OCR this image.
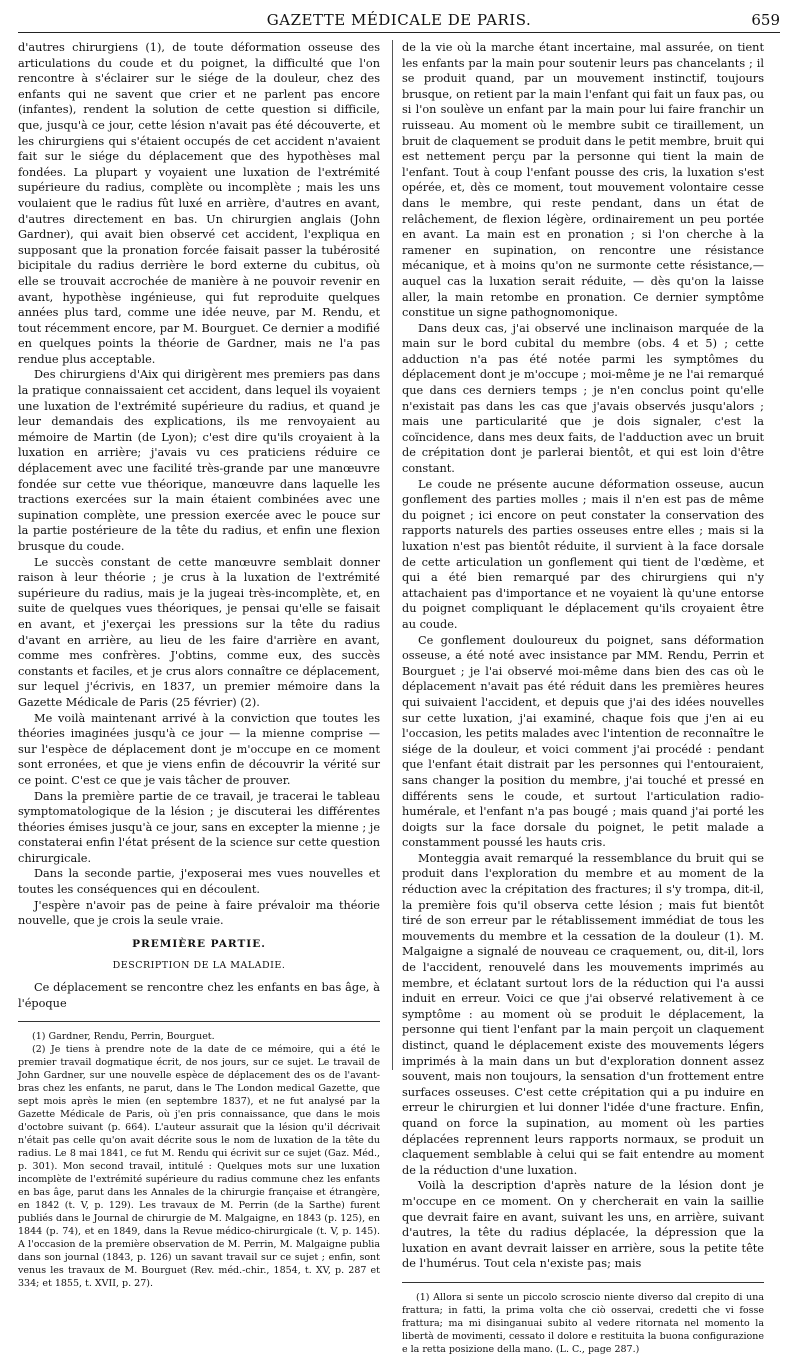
GAZETTE MÉDICALE DE PARIS.	659

d'autres chirurgiens (1), de toute déformation osseuse des articulations du coude et du poignet, la difficulté que l'on rencontre à s'éclairer sur le siége de la douleur, chez des enfants qui ne savent que crier et ne parlent pas encore (infantes), rendent la solution de cette question si difficile, que, jusqu'à ce jour, cette lésion n'avait pas été découverte, et les chirurgiens qui s'étaient occupés de cet accident n'avaient fait sur le siége du déplacement que des hypothèses mal fondées. La plupart y voyaient une luxation de l'extrémité supérieure du radius, complète ou incomplète ; mais les uns voulaient que le radius fût luxé en arrière, d'autres en avant, d'autres directement en bas. Un chirurgien anglais (John Gardner), qui avait bien observé cet accident, l'expliqua en supposant que la pronation forcée faisait passer la tubérosité bicipitale du radius derrière le bord externe du cubitus, où elle se trouvait accrochée de manière à ne pouvoir revenir en avant, hypothèse ingénieuse, qui fut reproduite quelques années plus tard, comme une idée neuve, par M. Rendu, et tout récemment encore, par M. Bourguet. Ce dernier a modifié en quelques points la théorie de Gardner, mais ne l'a pas rendue plus acceptable.

Des chirurgiens d'Aix qui dirigèrent mes premiers pas dans la pratique connaissaient cet accident, dans lequel ils voyaient une luxation de l'extrémité supérieure du radius, et quand je leur demandais des explications, ils me renvoyaient au mémoire de Martin (de Lyon); c'est dire qu'ils croyaient à la luxation en arrière; j'avais vu ces praticiens réduire ce déplacement avec une facilité très-grande par une manœuvre fondée sur cette vue théorique, manœuvre dans laquelle les tractions exercées sur la main étaient combinées avec une supination complète, une pression exercée avec le pouce sur la partie postérieure de la tête du radius, et enfin une flexion brusque du coude.

Le succès constant de cette manœuvre semblait donner raison à leur théorie ; je crus à la luxation de l'extrémité supérieure du radius, mais je la jugeai très-incomplète, et, en suite de quelques vues théoriques, je pensai qu'elle se faisait en avant, et j'exerçai les pressions sur la tête du radius d'avant en arrière, au lieu de les faire d'arrière en avant, comme mes confrères. J'obtins, comme eux, des succès constants et faciles, et je crus alors connaître ce déplacement, sur lequel j'écrivis, en 1837, un premier mémoire dans la Gazette Médicale de Paris (25 février) (2).

Me voilà maintenant arrivé à la conviction que toutes les théories imaginées jusqu'à ce jour — la mienne comprise — sur l'espèce de déplacement dont je m'occupe en ce moment sont erronées, et que je viens enfin de découvrir la vérité sur ce point. C'est ce que je vais tâcher de prouver.

Dans la première partie de ce travail, je tracerai le tableau symptomatologique de la lésion ; je discuterai les différentes théories émises jusqu'à ce jour, sans en excepter la mienne ; je constaterai enfin l'état présent de la science sur cette question chirurgicale.

Dans la seconde partie, j'exposerai mes vues nouvelles et toutes les conséquences qui en découlent.

J'espère n'avoir pas de peine à faire prévaloir ma théorie nouvelle, que je crois la seule vraie.

PREMIÈRE PARTIE.
DESCRIPTION DE LA MALADIE.

Ce déplacement se rencontre chez les enfants en bas âge, à l'époque

(1) Gardner, Rendu, Perrin, Bourguet.

(2) Je tiens à prendre note de la date de ce mémoire, qui a été le premier travail dogmatique écrit, de nos jours, sur ce sujet. Le travail de John Gardner, sur une nouvelle espèce de déplacement des os de l'avant-bras chez les enfants, ne parut, dans le The London medical Gazette, que sept mois après le mien (en septembre 1837), et ne fut analysé par la Gazette Médicale de Paris, où j'en pris connaissance, que dans le mois d'octobre suivant (p. 664). L'auteur assurait que la lésion qu'il décrivait n'était pas celle qu'on avait décrite sous le nom de luxation de la tête du radius. Le 8 mai 1841, ce fut M. Rendu qui écrivit sur ce sujet (Gaz. Méd., p. 301). Mon second travail, intitulé : Quelques mots sur une luxation incomplète de l'extrémité supérieure du radius commune chez les enfants en bas âge, parut dans les Annales de la chirurgie française et étrangère, en 1842 (t. V, p. 129). Les travaux de M. Perrin (de la Sarthe) furent publiés dans le Journal de chirurgie de M. Malgaigne, en 1843 (p. 125), en 1844 (p. 74), et en 1849, dans la Revue médico-chirurgicale (t. V, p. 145). A l'occasion de la première observation de M. Perrin, M. Malgaigne publia dans son journal (1843, p. 126) un savant travail sur ce sujet ; enfin, sont venus les travaux de M. Bourguet (Rev. méd.-chir., 1854, t. XV, p. 287 et 334; et 1855, t. XVII, p. 27).

de la vie où la marche étant incertaine, mal assurée, on tient les enfants par la main pour soutenir leurs pas chancelants ; il se produit quand, par un mouvement instinctif, toujours brusque, on retient par la main l'enfant qui fait un faux pas, ou si l'on soulève un enfant par la main pour lui faire franchir un ruisseau. Au moment où le membre subit ce tiraillement, un bruit de claquement se produit dans le petit membre, bruit qui est nettement perçu par la personne qui tient la main de l'enfant. Tout à coup l'enfant pousse des cris, la luxation s'est opérée, et, dès ce moment, tout mouvement volontaire cesse dans le membre, qui reste pendant, dans un état de relâchement, de flexion légère, ordinairement un peu portée en avant. La main est en pronation ; si l'on cherche à la ramener en supination, on rencontre une résistance mécanique, et à moins qu'on ne surmonte cette résistance,— auquel cas la luxation serait réduite, — dès qu'on la laisse aller, la main retombe en pronation. Ce dernier symptôme constitue un signe pathognomonique.

Dans deux cas, j'ai observé une inclinaison marquée de la main sur le bord cubital du membre (obs. 4 et 5) ; cette adduction n'a pas été notée parmi les symptômes du déplacement dont je m'occupe ; moi-même je ne l'ai remarqué que dans ces derniers temps ; je n'en conclus point qu'elle n'existait pas dans les cas que j'avais observés jusqu'alors ; mais une particularité que je dois signaler, c'est la coïncidence, dans mes deux faits, de l'adduction avec un bruit de crépitation dont je parlerai bientôt, et qui est loin d'être constant.

Le coude ne présente aucune déformation osseuse, aucun gonflement des parties molles ; mais il n'en est pas de même du poignet ; ici encore on peut constater la conservation des rapports naturels des parties osseuses entre elles ; mais si la luxation n'est pas bientôt réduite, il survient à la face dorsale de cette articulation un gonflement qui tient de l'œdème, et qui a été bien remarqué par des chirurgiens qui n'y attachaient pas d'importance et ne voyaient là qu'une entorse du poignet compliquant le déplacement qu'ils croyaient être au coude.

Ce gonflement douloureux du poignet, sans déformation osseuse, a été noté avec insistance par MM. Rendu, Perrin et Bourguet ; je l'ai observé moi-même dans bien des cas où le déplacement n'avait pas été réduit dans les premières heures qui suivaient l'accident, et depuis que j'ai des idées nouvelles sur cette luxation, j'ai examiné, chaque fois que j'en ai eu l'occasion, les petits malades avec l'intention de reconnaître le siége de la douleur, et voici comment j'ai procédé : pendant que l'enfant était distrait par les personnes qui l'entouraient, sans changer la position du membre, j'ai touché et pressé en différents sens le coude, et surtout l'articulation radio-humérale, et l'enfant n'a pas bougé ; mais quand j'ai porté les doigts sur la face dorsale du poignet, le petit malade a constamment poussé les hauts cris.

Monteggia avait remarqué la ressemblance du bruit qui se produit dans l'exploration du membre et au moment de la réduction avec la crépitation des fractures; il s'y trompa, dit-il, la première fois qu'il observa cette lésion ; mais fut bientôt tiré de son erreur par le rétablissement immédiat de tous les mouvements du membre et la cessation de la douleur (1). M. Malgaigne a signalé de nouveau ce craquement, ou, dit-il, lors de l'accident, renouvelé dans les mouvements imprimés au membre, et éclatant surtout lors de la réduction qui l'a aussi induit en erreur. Voici ce que j'ai observé relativement à ce symptôme : au moment où se produit le déplacement, la personne qui tient l'enfant par la main perçoit un claquement distinct, quand le déplacement existe des mouvements légers imprimés à la main dans un but d'exploration donnent assez souvent, mais non toujours, la sensation d'un frottement entre surfaces osseuses. C'est cette crépitation qui a pu induire en erreur le chirurgien et lui donner l'idée d'une fracture. Enfin, quand on force la supination, au moment où les parties déplacées reprennent leurs rapports normaux, se produit un claquement semblable à celui qui se fait entendre au moment de la réduction d'une luxation.

Voilà la description d'après nature de la lésion dont je m'occupe en ce moment. On y chercherait en vain la saillie que devrait faire en avant, suivant les uns, en arrière, suivant d'autres, la tête du radius déplacée, la dépression que la luxation en avant devrait laisser en arrière, sous la petite tête de l'humérus. Tout cela n'existe pas; mais

(1) Allora si sente un piccolo scroscio niente diverso dal crepito di una frattura; in fatti, la prima volta che ciò osservai, credetti che vi fosse frattura; ma mi disinganuai subito al vedere ritornata nel momento la libertà de movimenti, cessato il dolore e restituita la buona configurazione e la retta posizione della mano. (L. C., page 287.)
